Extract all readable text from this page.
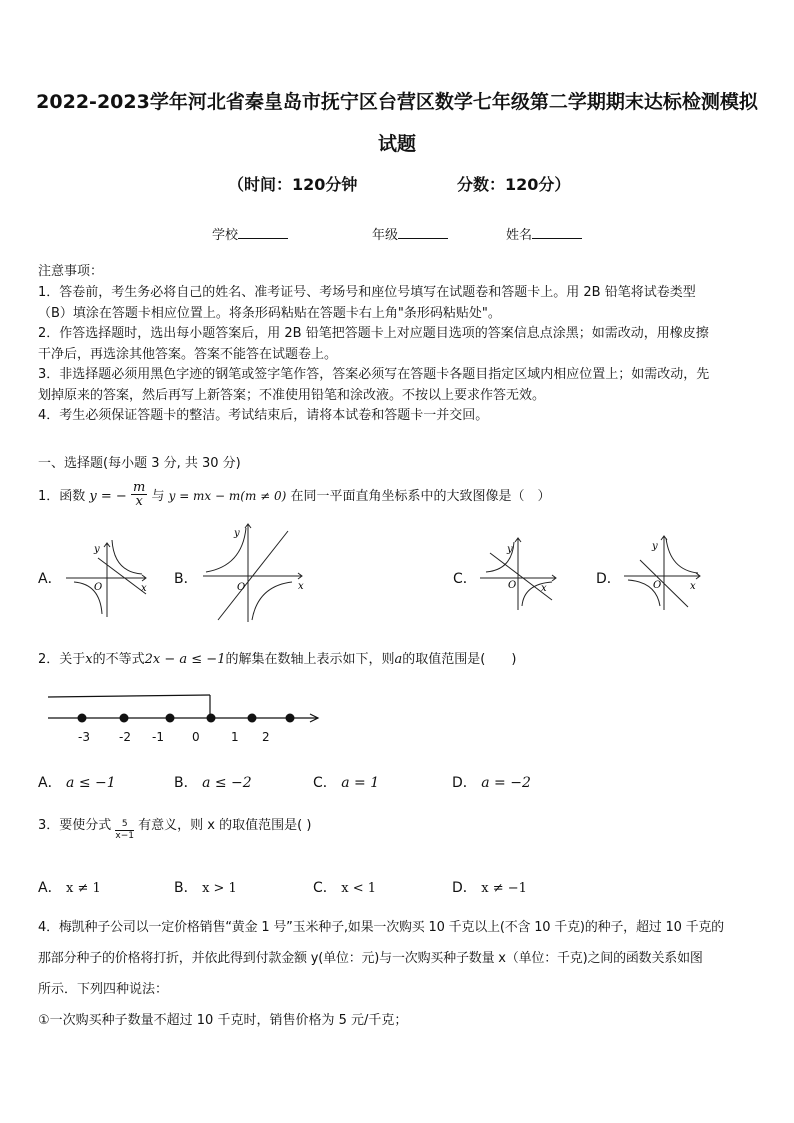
2022-2023学年河北省秦皇岛市抚宁区台营区数学七年级第二学期期末达标检测模拟
试题
（时间：120分钟	分数：120分）
学校	年级	姓名
注意事项：
1．答卷前，考生务必将自己的姓名、准考证号、考场号和座位号填写在试题卷和答题卡上。用 2B 铅笔将试卷类型
（B）填涂在答题卡相应位置上。将条形码粘贴在答题卡右上角"条形码粘贴处"。
2．作答选择题时，选出每小题答案后，用 2B 铅笔把答题卡上对应题目选项的答案信息点涂黑；如需改动，用橡皮擦
干净后，再选涂其他答案。答案不能答在试题卷上。
3．非选择题必须用黑色字迹的钢笔或签字笔作答，答案必须写在答题卡各题目指定区域内相应位置上；如需改动，先
划掉原来的答案，然后再写上新答案；不准使用铅笔和涂改液。不按以上要求作答无效。
4．考生必须保证答题卡的整洁。考试结束后，请将本试卷和答题卡一并交回。
一、选择题(每小题 3 分, 共 30 分)
1．函数 y = − $\frac{m}{x}$ 与 y = mx − m(m ≠ 0) 在同一平面直角坐标系中的大致图像是（　）
A．
y
x
O
B．
y
x
O
C．
y
x
O	D．
y
x
O
2．关于x的不等式2x − a ≤ −1的解集在数轴上表示如下，则a的取值范围是(　　)
-3 -2 -1 0	1 2
A． a ≤ −1	B． a ≤ −2	C． a = 1	D． a = −2
3．要使分式 $\frac{5}{x-1}$ 有意义，则 x 的取值范围是( )
A． x ≠ 1	B． x > 1	C． x < 1	D． x ≠ −1
4．梅凯种子公司以一定价格销售“黄金 1 号”玉米种子,如果一次购买 10 千克以上(不含 10 千克)的种子，超过 10 千克的
那部分种子的价格将打折，并依此得到付款金额 y(单位：元)与一次购买种子数量 x（单位：千克)之间的函数关系如图
所示．下列四种说法：
①一次购买种子数量不超过 10 千克时，销售价格为 5 元/千克；
